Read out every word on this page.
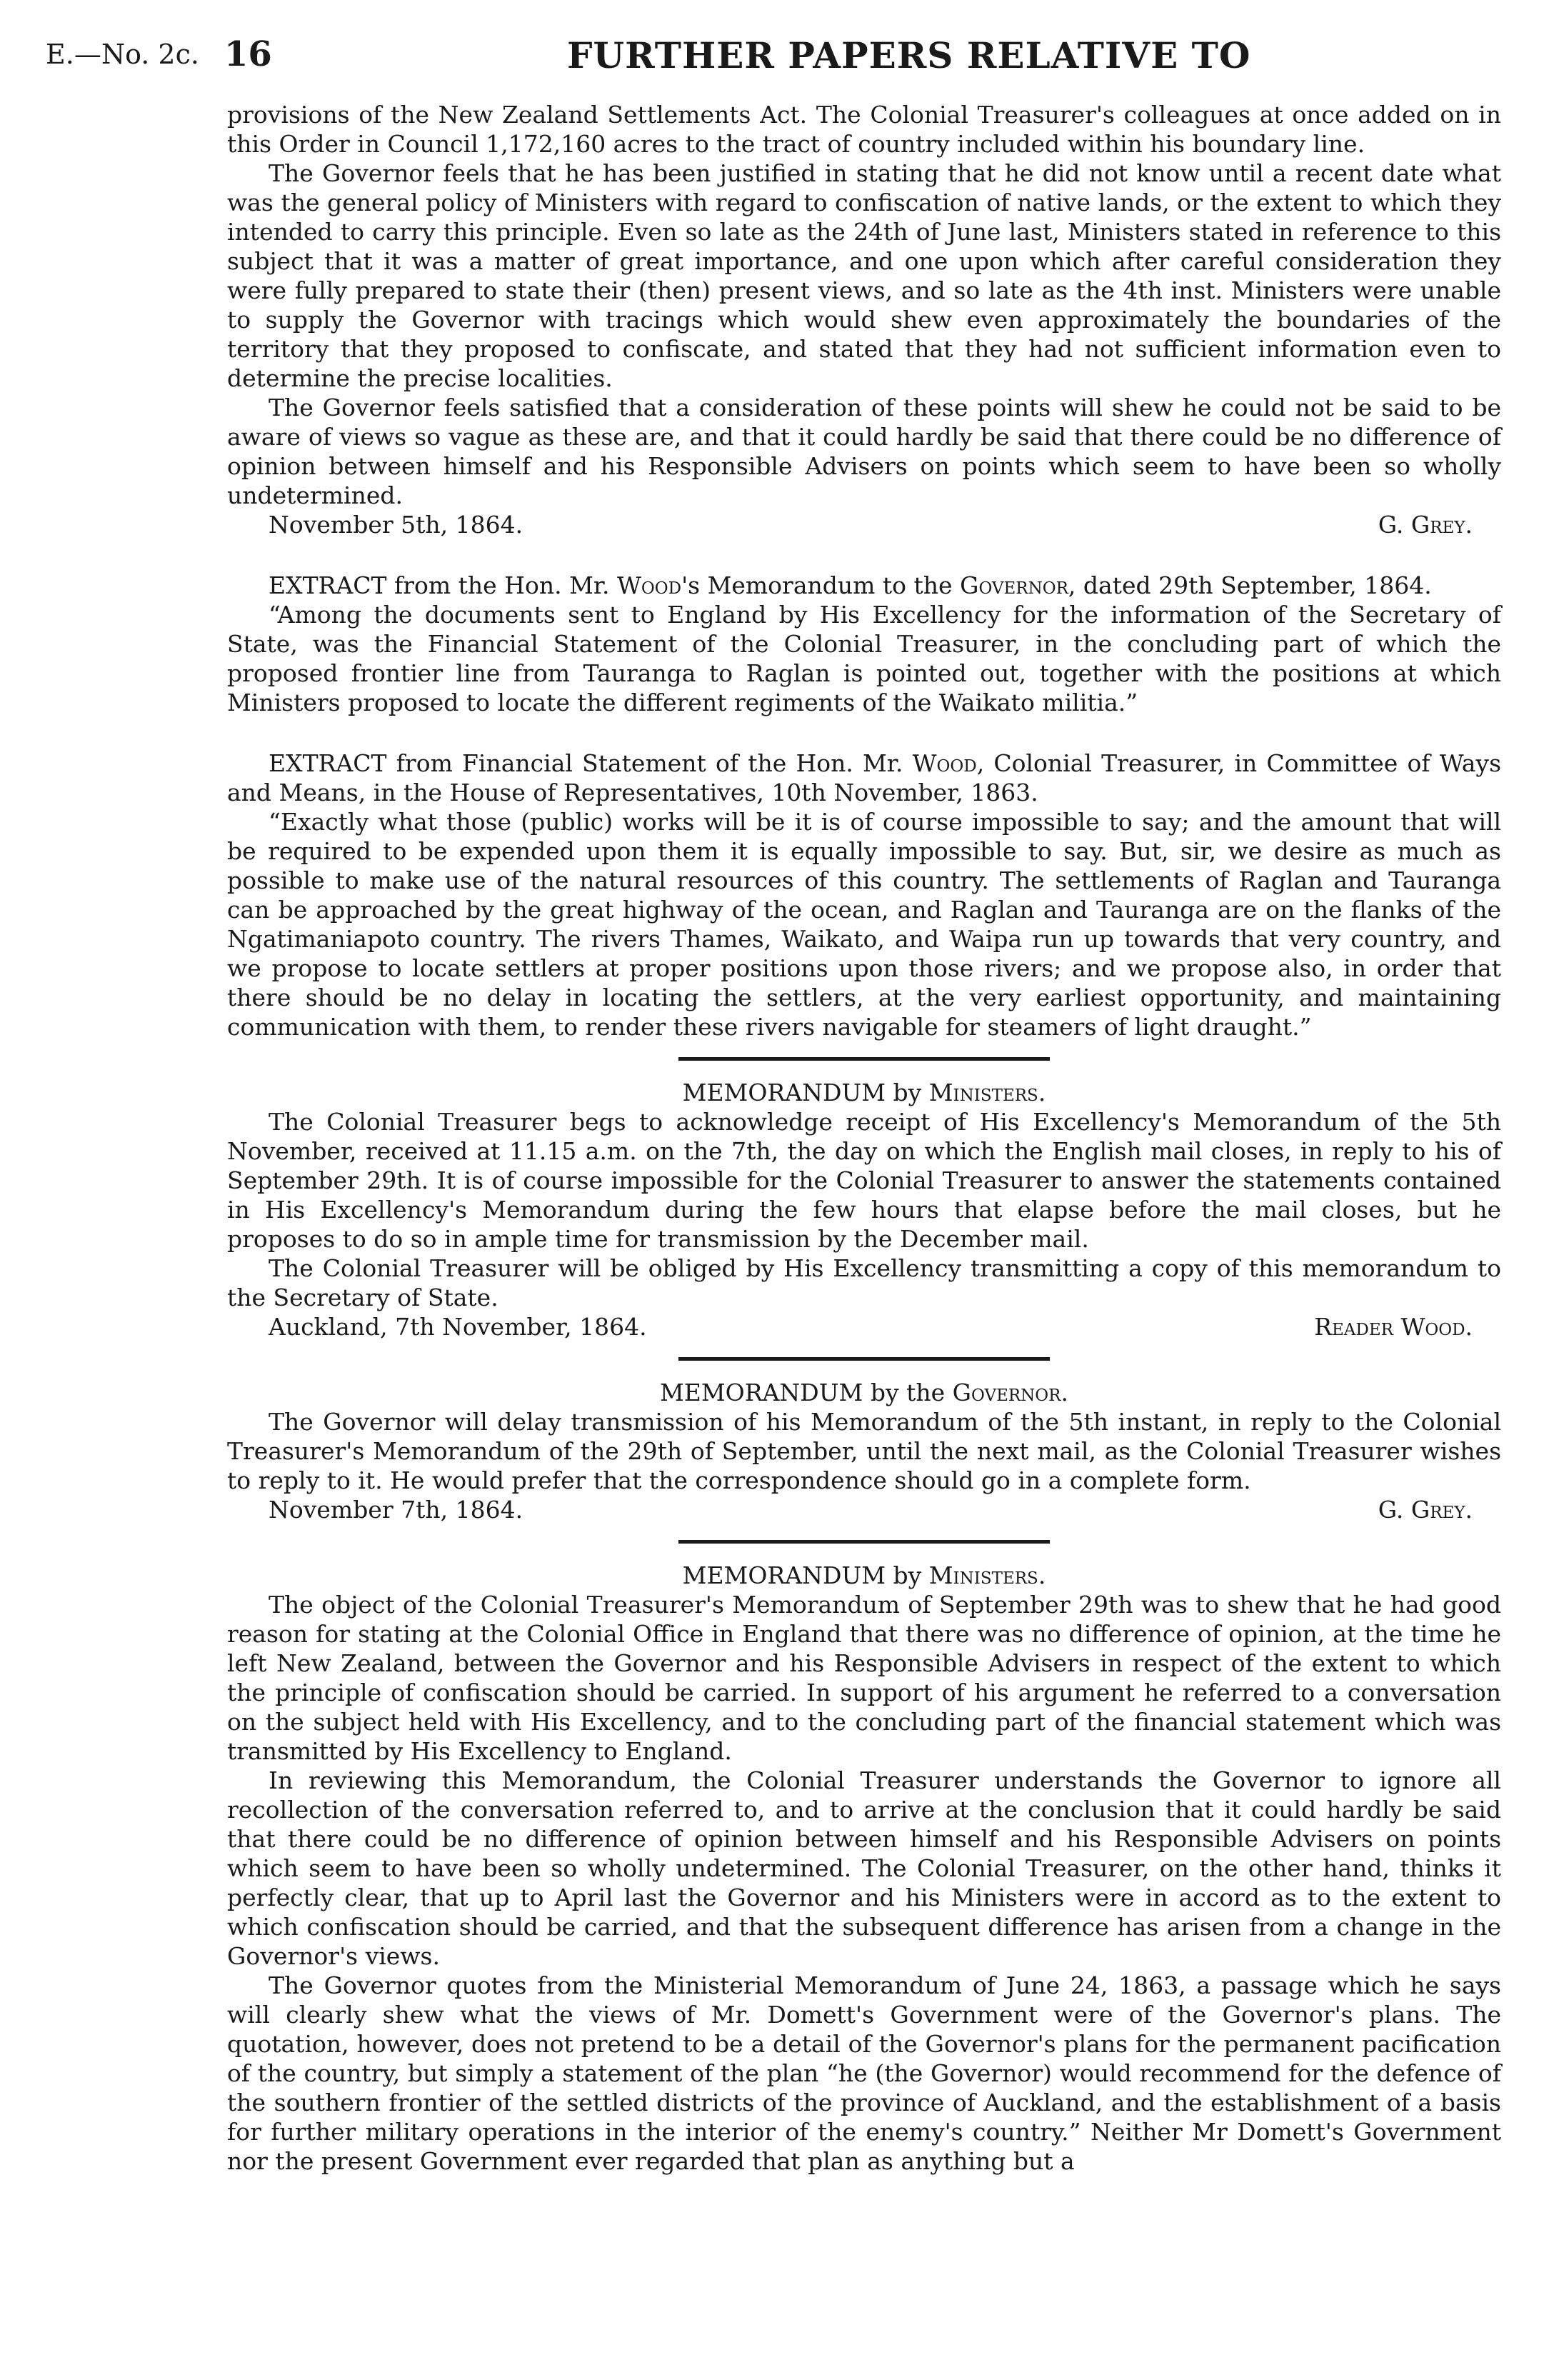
E.—No. 2c. 16	FURTHER PAPERS RELATIVE TO

provisions of the New Zealand Settlements Act. The Colonial Treasurer's colleagues at once added on in this Order in Council 1,172,160 acres to the tract of country included within his boundary line.

The Governor feels that he has been justified in stating that he did not know until a recent date what was the general policy of Ministers with regard to confiscation of native lands, or the extent to which they intended to carry this principle. Even so late as the 24th of June last, Ministers stated in reference to this subject that it was a matter of great importance, and one upon which after careful consideration they were fully prepared to state their (then) present views, and so late as the 4th inst. Ministers were unable to supply the Governor with tracings which would shew even approximately the boundaries of the territory that they proposed to confiscate, and stated that they had not sufficient information even to determine the precise localities.

The Governor feels satisfied that a consideration of these points will shew he could not be said to be aware of views so vague as these are, and that it could hardly be said that there could be no difference of opinion between himself and his Responsible Advisers on points which seem to have been so wholly undetermined.

November 5th, 1864.	G. Grey.

EXTRACT from the Hon. Mr. Wood's Memorandum to the Governor, dated 29th September, 1864.

“Among the documents sent to England by His Excellency for the information of the Secretary of State, was the Financial Statement of the Colonial Treasurer, in the concluding part of which the proposed frontier line from Tauranga to Raglan is pointed out, together with the positions at which Ministers proposed to locate the different regiments of the Waikato militia.”

EXTRACT from Financial Statement of the Hon. Mr. Wood, Colonial Treasurer, in Committee of Ways and Means, in the House of Representatives, 10th November, 1863.

“Exactly what those (public) works will be it is of course impossible to say; and the amount that will be required to be expended upon them it is equally impossible to say. But, sir, we desire as much as possible to make use of the natural resources of this country. The settlements of Raglan and Tauranga can be approached by the great highway of the ocean, and Raglan and Tauranga are on the flanks of the Ngatimaniapoto country. The rivers Thames, Waikato, and Waipa run up towards that very country, and we propose to locate settlers at proper positions upon those rivers; and we propose also, in order that there should be no delay in locating the settlers, at the very earliest opportunity, and maintaining communication with them, to render these rivers navigable for steamers of light draught.”

MEMORANDUM by Ministers.

The Colonial Treasurer begs to acknowledge receipt of His Excellency's Memorandum of the 5th November, received at 11.15 a.m. on the 7th, the day on which the English mail closes, in reply to his of September 29th. It is of course impossible for the Colonial Treasurer to answer the statements contained in His Excellency's Memorandum during the few hours that elapse before the mail closes, but he proposes to do so in ample time for transmission by the December mail.

The Colonial Treasurer will be obliged by His Excellency transmitting a copy of this memorandum to the Secretary of State.

Auckland, 7th November, 1864.	Reader Wood.

MEMORANDUM by the Governor.

The Governor will delay transmission of his Memorandum of the 5th instant, in reply to the Colonial Treasurer's Memorandum of the 29th of September, until the next mail, as the Colonial Treasurer wishes to reply to it. He would prefer that the correspondence should go in a complete form.

November 7th, 1864.	G. Grey.

MEMORANDUM by Ministers.

The object of the Colonial Treasurer's Memorandum of September 29th was to shew that he had good reason for stating at the Colonial Office in England that there was no difference of opinion, at the time he left New Zealand, between the Governor and his Responsible Advisers in respect of the extent to which the principle of confiscation should be carried. In support of his argument he referred to a conversation on the subject held with His Excellency, and to the concluding part of the financial statement which was transmitted by His Excellency to England.

In reviewing this Memorandum, the Colonial Treasurer understands the Governor to ignore all recollection of the conversation referred to, and to arrive at the conclusion that it could hardly be said that there could be no difference of opinion between himself and his Responsible Advisers on points which seem to have been so wholly undetermined. The Colonial Treasurer, on the other hand, thinks it perfectly clear, that up to April last the Governor and his Ministers were in accord as to the extent to which confiscation should be carried, and that the subsequent difference has arisen from a change in the Governor's views.

The Governor quotes from the Ministerial Memorandum of June 24, 1863, a passage which he says will clearly shew what the views of Mr. Domett's Government were of the Governor's plans. The quotation, however, does not pretend to be a detail of the Governor's plans for the permanent pacification of the country, but simply a statement of the plan “he (the Governor) would recommend for the defence of the southern frontier of the settled districts of the province of Auckland, and the establishment of a basis for further military operations in the interior of the enemy's country.” Neither Mr Domett's Government nor the present Government ever regarded that plan as anything but a
